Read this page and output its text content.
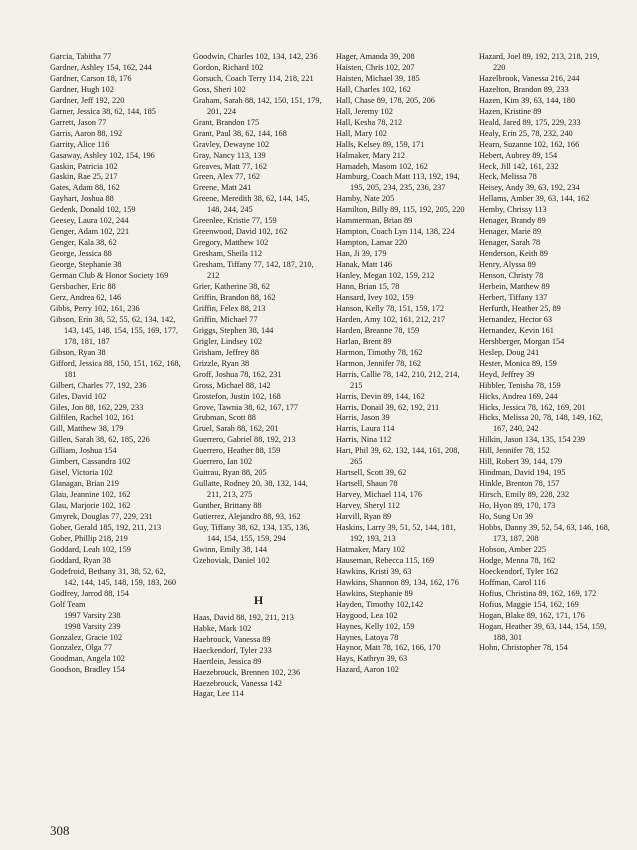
Garcia, Tabitha 77
Gardner, Ashley 154, 162, 244
Gardner, Carson 18, 176
Gardner, Hugh 102
Gardner, Jeff 192, 220
Garner, Jessica 38, 62, 144, 185
Garrett, Jason 77
Garris, Aaron 88, 192
Garrity, Alice 116
Gasaway, Ashley 102, 154, 196
Gaskin, Patricia 102
Gaskin, Rae 25, 217
Gates, Adam 88, 162
Gayhart, Joshua 88
Gedenk, Donald 102, 159
Geesey, Laura 102, 244
Genger, Adam 102, 221
Genger, Kala 38, 62
George, Jessica 88
George, Stephanie 38
German Club & Honor Society 169
Gersbacher, Eric 88
Gerz, Andrea 62, 146
Gibbs, Perry 102, 161, 236
Gibson, Erin 38, 52, 55, 62, 134, 142, 143, 145, 148, 154, 155, 169, 177, 178, 181, 187
Gibson, Ryan 38
Gifford, Jessica 88, 150, 151, 162, 168, 181
Gilbert, Charles 77, 192, 236
Giles, David 102
Giles, Jon 88, 162, 229, 233
Gilfilen, Rachel 102, 161
Gill, Matthew 38, 179
Gillen, Sarah 38, 62, 185, 226
Gilliam, Joshua 154
Gimbert, Cassandra 102
Gisel, Victoria 102
Glanagan, Brian 219
Glau, Jeannine 102, 162
Glau, Marjorie 102, 162
Gmyrek, Douglas 77, 229, 231
Gober, Gerald 185, 192, 211, 213
Gober, Phillip 218, 219
Goddard, Leah 102, 159
Goddard, Ryan 38
Godefroid, Bethany 31, 38, 52, 62, 142, 144, 145, 148, 159, 183, 260
Godfrey, Jarrod 88, 154
Golf Team
1997 Varsity 238
1998 Varsity 239
Gonzalez, Gracie 102
Gonzalez, Olga 77
Goodman, Angela 102
Goodson, Bradley 154
Goodwin, Charles 102, 134, 142, 236
Gordon, Richard 102
Gorsuch, Coach Terry 114, 218, 221
Goss, Sheri 102
Graham, Sarah 88, 142, 150, 151, 179, 201, 224
Grant, Brandon 175
Grant, Paul 38, 62, 144, 168
Gravley, Dewayne 102
Gray, Nancy 113, 139
Greaves, Matt 77, 162
Green, Alex 77, 162
Greene, Matt 241
Greene, Meredith 38, 62, 144, 145, 148, 244, 245
Greenlee, Kristie 77, 159
Greenwood, David 102, 162
Gregory, Matthew 102
Gresham, Sheila 112
Gresham, Tiffany 77, 142, 187, 210, 212
Grier, Katherine 38, 62
Griffin, Brandon 88, 162
Griffin, Felex 88, 213
Griffin, Michael 77
Griggs, Stephen 38, 144
Grigler, Lindsey 102
Grisham, Jeffrey 88
Grizzle, Ryan 38
Groff, Joshua 78, 162, 231
Gross, Michael 88, 142
Grostefon, Justin 102, 168
Grove, Tawnia 38, 62, 167, 177
Grubman, Scott 88
Gruel, Sarah 88, 162, 201
Guerrero, Gabriel 88, 192, 213
Guerrero, Heather 88, 159
Guerrero, Ian 102
Guitrau, Ryan 88, 205
Gullatte, Rodney 20, 38, 132, 144, 211, 213, 275
Gunther, Brittany 88
Gutierrez, Alejandro 88, 93, 162
Guy, Tiffany 38, 62, 134, 135, 136, 144, 154, 155, 159, 294
Gwinn, Emily 38, 144
Gzehoviak, Daniel 102
H
Haas, David 88, 192, 211, 213
Habke, Mark 102
Haebrouck, Vanessa 89
Haeckendorf, Tyler 233
Haertlein, Jessica 89
Haezebrouck, Brennen 102, 236
Haezebrouck, Vanessa 142
Hagar, Lee 114
Hager, Amanda 39, 208
Haisten, Chris 102, 207
Haisten, Michael 39, 185
Hall, Charles 102, 162
Hall, Chase 89, 178, 205, 206
Hall, Jeremy 102
Hall, Kesha 78, 212
Hall, Mary 102
Halls, Kelsey 89, 159, 171
Halmaker, Mary 212
Hamadeh, Masom 102, 162
Hamburg, Coach Matt 113, 192, 194, 195, 205, 234, 235, 236, 237
Hamby, Nate 205
Hamilton, Billy 89, 115, 192, 205, 220
Hammerman, Brian 89
Hampton, Coach Lyn 114, 138, 224
Hampton, Lamar 220
Han, Ji 39, 179
Hanak, Matt 146
Hanley, Megan 102, 159, 212
Hann, Brian 15, 78
Hansard, Ivey 102, 159
Hanson, Kelly 78, 151, 159, 172
Harden, Amy 102, 161, 212, 217
Harden, Breanne 78, 159
Harlan, Brent 89
Harmon, Timothy 78, 162
Harmon, Jennifer 78, 162
Harris, Callie 78, 142, 210, 212, 214, 215
Harris, Devin 89, 144, 162
Harris, Donail 39, 62, 192, 211
Harris, Jason 39
Harris, Laura 114
Harris, Nina 112
Hart, Phil 39, 62, 132, 144, 161, 208, 265
Hartsell, Scott 39, 62
Hartsell, Shaun 78
Harvey, Michael 114, 176
Harvey, Sheryl 112
Harvill, Ryan 89
Haskins, Larry 39, 51, 52, 144, 181, 192, 193, 213
Hatmaker, Mary 102
Hauseman, Rebecca 115, 169
Hawkins, Kristi 39, 63
Hawkins, Shannon 89, 134, 162, 176
Hawkins, Stephanie 89
Hayden, Timothy 102,142
Haygood, Lea 102
Haynes, Kelly 102, 159
Haynes, Latoya 78
Haynor, Matt 78, 162, 166, 170
Hays, Kathryn 39, 63
Hazard, Aaron 102
Hazard, Joel 89, 192, 213, 218, 219, 220
Hazelbrook, Vanessa 216, 244
Hazelton, Brandon 89, 233
Hazen, Kim 39, 63, 144, 180
Hazen, Kristine 89
Heald, Jared 89, 175, 229, 233
Healy, Erin 25, 78, 232, 240
Hearn, Suzanne 102, 162, 166
Hebert, Aubrey 89, 154
Heck, Jill 142, 161, 232
Heck, Melissa 78
Heisey, Andy 39, 63, 192, 234
Hellams, Amber 39, 63, 144, 162
Hemby, Chrissy 113
Henager, Brandy 89
Henager, Marie 89
Henager, Sarah 78
Henderson, Keith 89
Henry, Alyssa 89
Henson, Christy 78
Herbein, Matthew 89
Herbert, Tiffany 137
Herfurth, Heather 25, 89
Hernandez, Hector 63
Hernandez, Kevin 161
Hershberger, Morgan 154
Heslep, Doug 241
Hester, Monica 89, 159
Heyd, Jeffrey 39
Hibbler, Tenisha 78, 159
Hicks, Andrea 169, 244
Hicks, Jessica 78, 162, 169, 201
Hicks, Melissa 20, 78, 148, 149, 162, 167, 240, 242
Hilkin, Jason 134, 135, 154 239
Hill, Jennifer 78, 152
Hill, Robert 39, 144, 179
Hindman, David 194, 195
Hinkle, Brenton 78, 157
Hirsch, Emily 89, 228, 232
Ho, Hyon 89, 170, 173
Ho, Sung Un 39
Hobbs, Danny 39, 52, 54, 63, 146, 168, 173, 187, 208
Hobson, Amber 225
Hodge, Menna 78, 162
Hoeckendorf, Tyler 162
Hoffman, Carol 116
Hofius, Christina 89, 162, 169, 172
Hofius, Maggie 154, 162, 169
Hogan, Blake 89, 162, 171, 176
Hogan, Heather 39, 63, 144, 154, 159, 188, 301
Hohn, Christopher 78, 154
308
